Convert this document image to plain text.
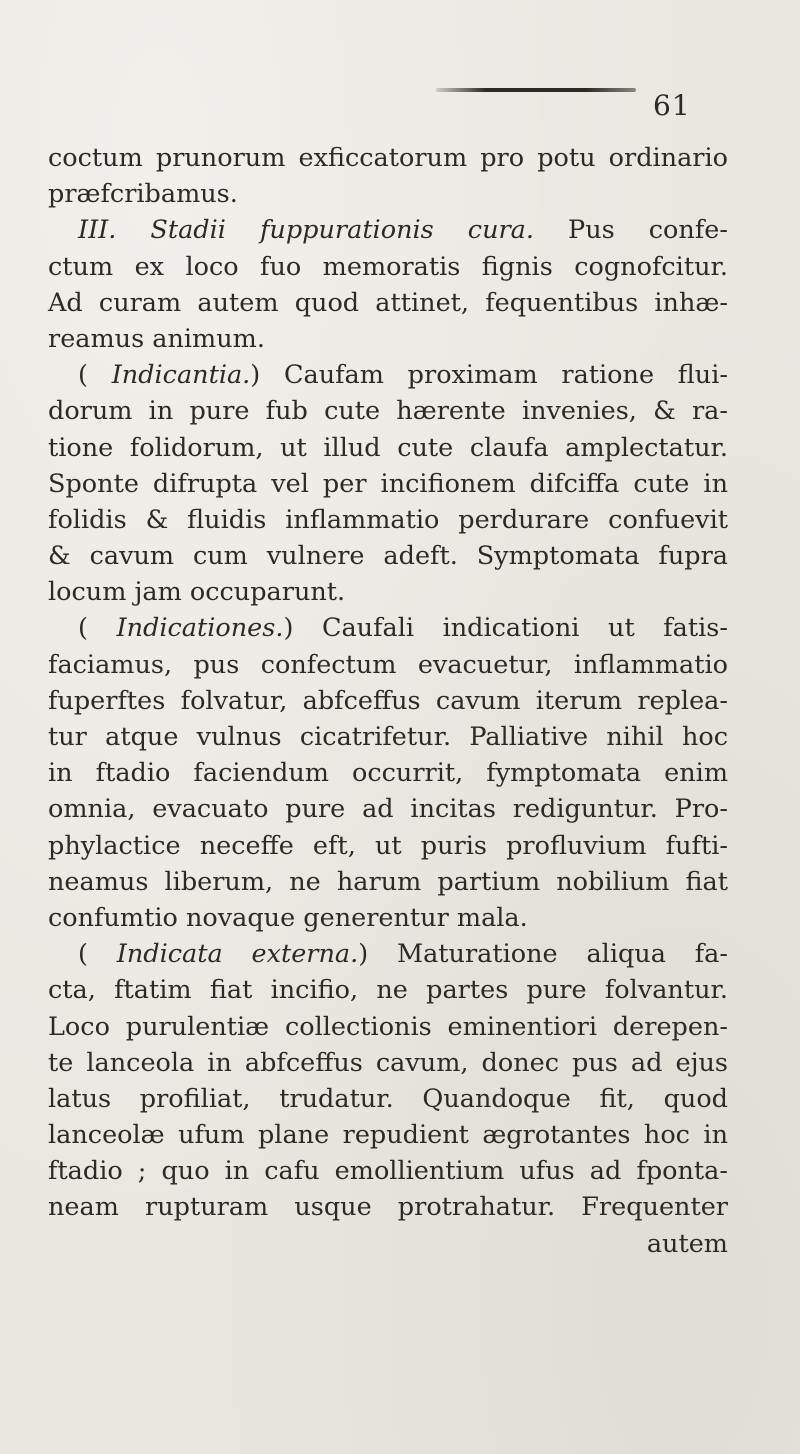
61
coctum prunorum exficcatorum pro potu ordinario
præfcribamus.
III. Stadii fuppurationis cura. Pus confe-
ctum ex loco fuo memoratis fignis cognofcitur.
Ad curam autem quod attinet, fequentibus inhæ-
reamus animum.
( Indicantia.) Caufam proximam ratione flui-
dorum in pure fub cute hærente invenies, & ra-
tione folidorum, ut illud cute claufa amplectatur.
Sponte difrupta vel per incifionem difciffa cute in
folidis & fluidis inflammatio perdurare confuevit
& cavum cum vulnere adeft. Symptomata fupra
locum jam occuparunt.
( Indicationes.) Caufali indicationi ut fatis-
faciamus, pus confectum evacuetur, inflammatio
fuperftes folvatur, abfceffus cavum iterum replea-
tur atque vulnus cicatrifetur. Palliative nihil hoc
in ftadio faciendum occurrit, fymptomata enim
omnia, evacuato pure ad incitas rediguntur. Pro-
phylactice neceffe eft, ut puris profluvium fufti-
neamus liberum, ne harum partium nobilium fiat
confumtio novaque generentur mala.
( Indicata externa.) Maturatione aliqua fa-
cta, ftatim fiat incifio, ne partes pure folvantur.
Loco purulentiæ collectionis eminentiori derepen-
te lanceola in abfceffus cavum, donec pus ad ejus
latus profiliat, trudatur. Quandoque fit, quod
lanceolæ ufum plane repudient ægrotantes hoc in
ftadio ; quo in cafu emollientium ufus ad fponta-
neam rupturam usque protrahatur. Frequenter
autem
